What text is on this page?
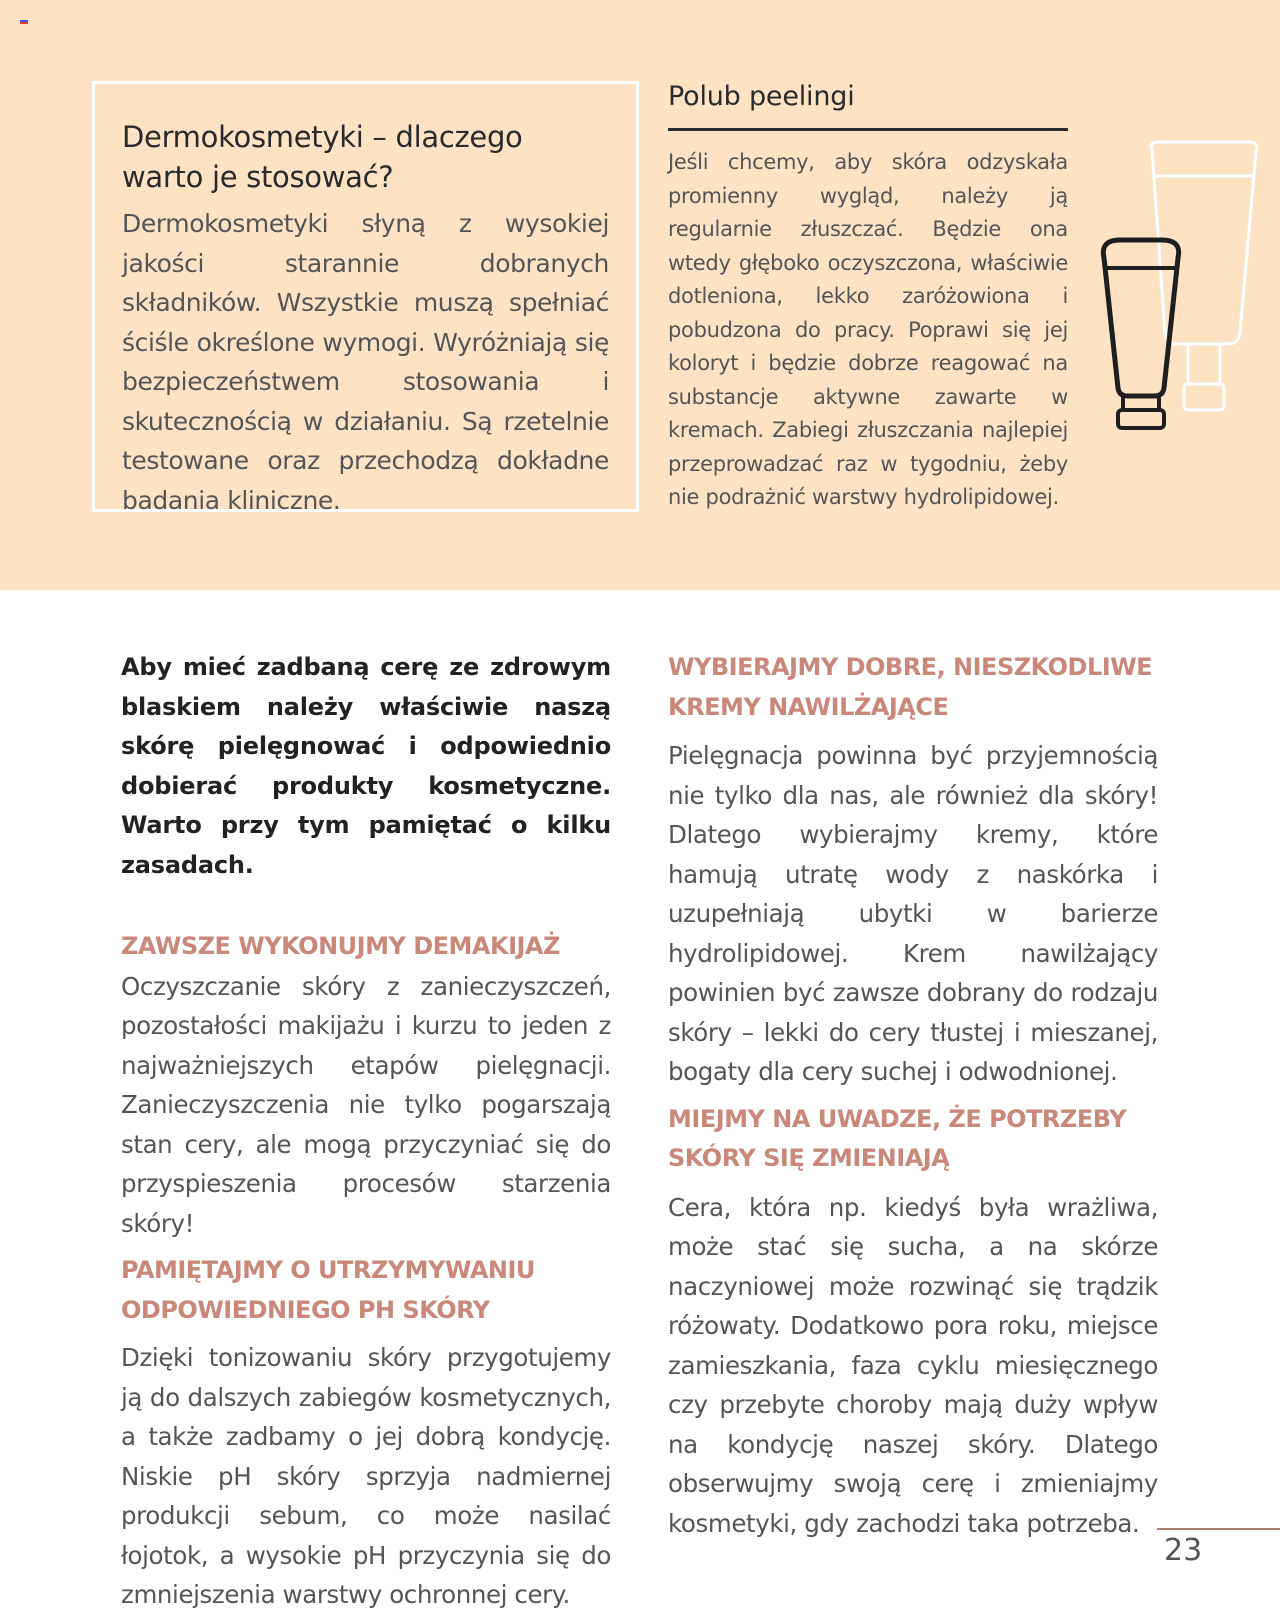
Dermokosmetyki – dlaczego warto je stosować?

Dermokosmetyki słyną z wysokiej jakości starannie dobranych składników. Wszystkie muszą spełniać ściśle określone wymogi. Wyróżniają się bezpieczeństwem stosowania i skutecznością w działaniu. Są rzetelnie testowane oraz przechodzą dokładne badania kliniczne.

Polub peelingi

Jeśli chcemy, aby skóra odzyskała promienny wygląd, należy ją regularnie złuszczać. Będzie ona wtedy głęboko oczyszczona, właściwie dotleniona, lekko zaróżowiona i pobudzona do pracy. Poprawi się jej koloryt i będzie dobrze reagować na substancje aktywne zawarte w kremach. Zabiegi złuszczania najlepiej przeprowadzać raz w tygodniu, żeby nie podrażnić warstwy hydrolipidowej.

Aby mieć zadbaną cerę ze zdrowym blaskiem należy właściwie naszą skórę pielęgnować i odpowiednio dobierać produkty kosmetyczne. Warto przy tym pamiętać o kilku zasadach.

ZAWSZE WYKONUJMY DEMAKIJAŻ

Oczyszczanie skóry z zanieczyszczeń, pozostałości makijażu i kurzu to jeden z najważniejszych etapów pielęgnacji. Zanieczyszczenia nie tylko pogarszają stan cery, ale mogą przyczyniać się do przyspieszenia procesów starzenia skóry!

PAMIĘTAJMY O UTRZYMYWANIU ODPOWIEDNIEGO PH SKÓRY

Dzięki tonizowaniu skóry przygotujemy ją do dalszych zabiegów kosmetycznych, a także zadbamy o jej dobrą kondycję. Niskie pH skóry sprzyja nadmiernej produkcji sebum, co może nasilać łojotok, a wysokie pH przyczynia się do zmniejszenia warstwy ochronnej cery.

WYBIERAJMY DOBRE, NIESZKODLIWE KREMY NAWILŻAJĄCE

Pielęgnacja powinna być przyjemnością nie tylko dla nas, ale również dla skóry! Dlatego wybierajmy kremy, które hamują utratę wody z naskórka i uzupełniają ubytki w barierze hydrolipidowej. Krem nawilżający powinien być zawsze dobrany do rodzaju skóry – lekki do cery tłustej i mieszanej, bogaty dla cery suchej i odwodnionej.

MIEJMY NA UWADZE, ŻE POTRZEBY SKÓRY SIĘ ZMIENIAJĄ

Cera, która np. kiedyś była wrażliwa, może stać się sucha, a na skórze naczyniowej może rozwinąć się trądzik różowaty. Dodatkowo pora roku, miejsce zamieszkania, faza cyklu miesięcznego czy przebyte choroby mają duży wpływ na kondycję naszej skóry. Dlatego obserwujmy swoją cerę i zmieniajmy kosmetyki, gdy zachodzi taka potrzeba.

23
